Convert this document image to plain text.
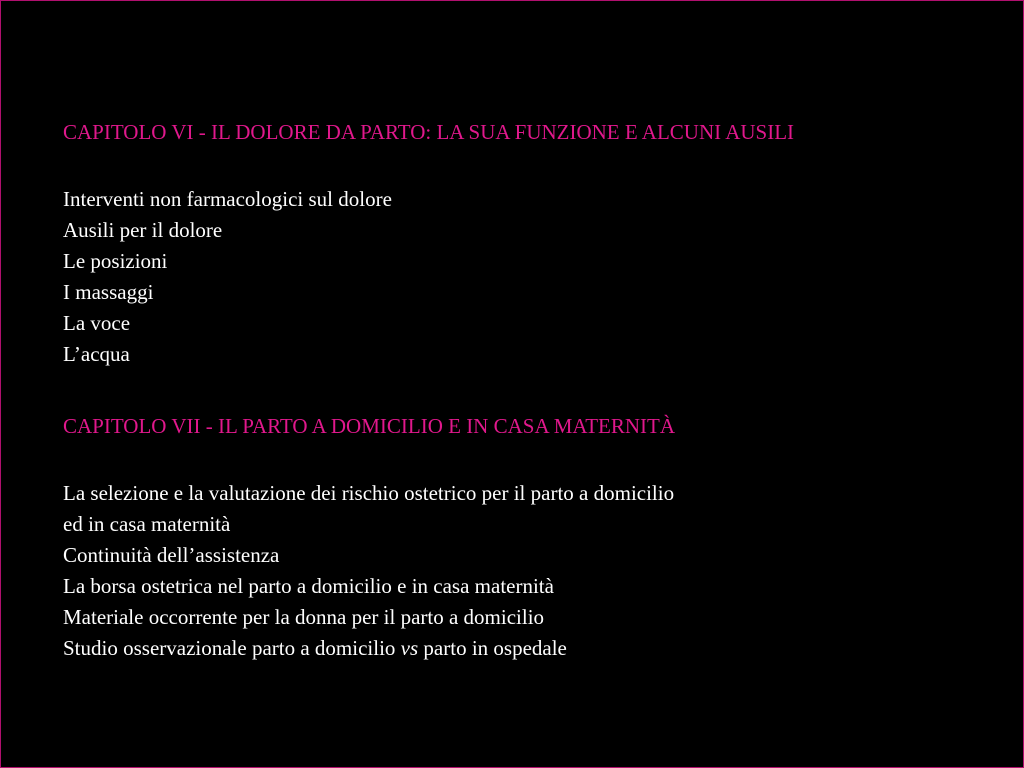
CAPITOLO VI - IL DOLORE DA PARTO: LA SUA FUNZIONE E ALCUNI AUSILI
Interventi non farmacologici sul dolore
Ausili per il dolore
Le posizioni
I massaggi
La voce
L’acqua
CAPITOLO VII - IL PARTO A DOMICILIO E IN CASA MATERNITÀ
La selezione e la valutazione dei rischio ostetrico per il parto a domicilio
ed in casa maternità
Continuità dell’assistenza
La borsa ostetrica nel parto a domicilio e in casa maternità
Materiale occorrente per la donna per il parto a domicilio
Studio osservazionale parto a domicilio vs parto in ospedale
